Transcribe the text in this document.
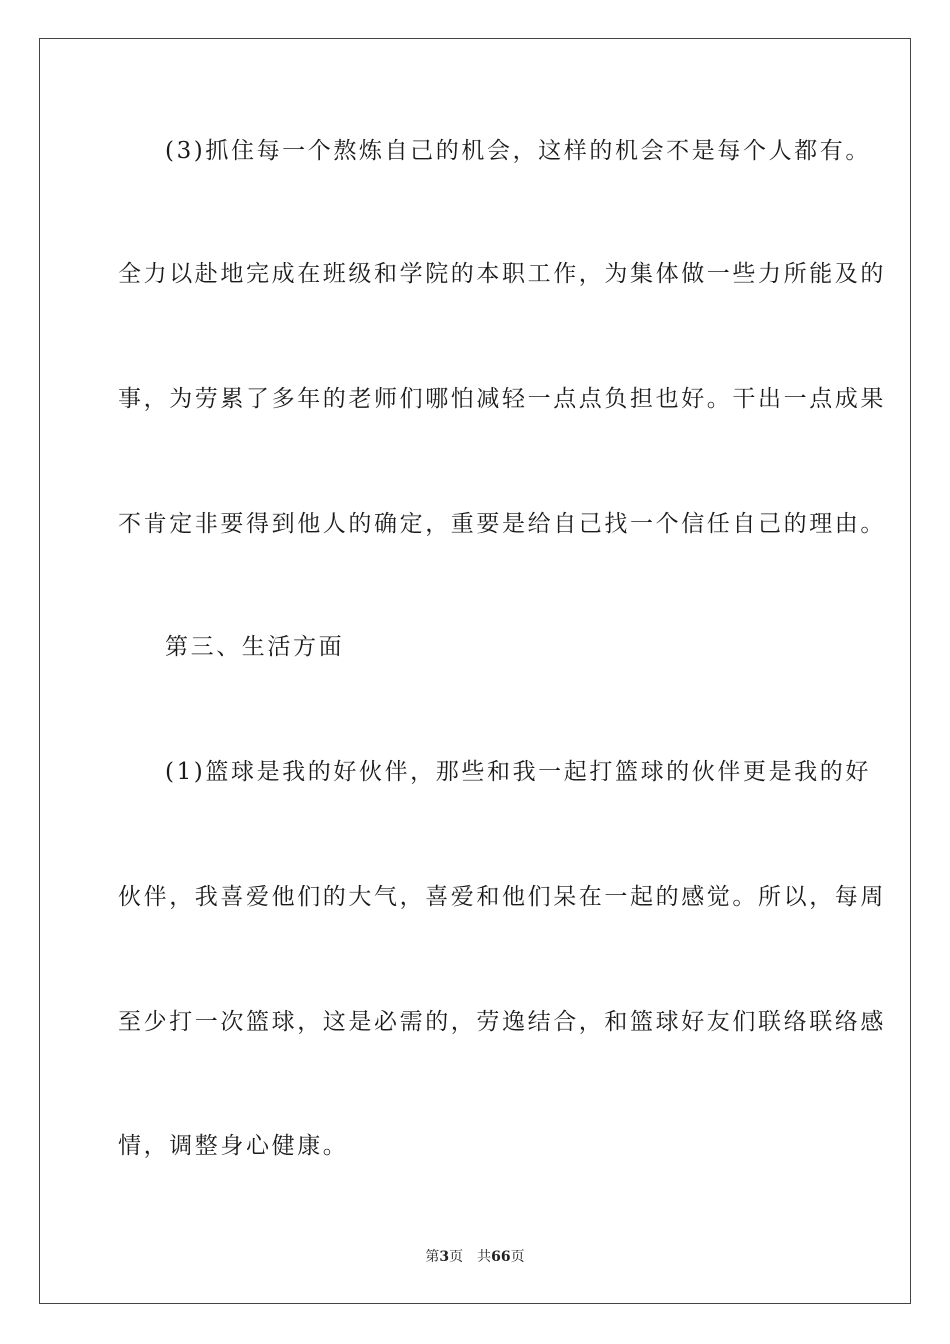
(3)抓住每一个熬炼自己的机会，这样的机会不是每个人都有。
全力以赴地完成在班级和学院的本职工作，为集体做一些力所能及的
事，为劳累了多年的老师们哪怕减轻一点点负担也好。干出一点成果
不肯定非要得到他人的确定，重要是给自己找一个信任自己的理由。
第三、生活方面
(1)篮球是我的好伙伴，那些和我一起打篮球的伙伴更是我的好
伙伴，我喜爱他们的大气，喜爱和他们呆在一起的感觉。所以，每周
至少打一次篮球，这是必需的，劳逸结合，和篮球好友们联络联络感
情，调整身心健康。
第3页 共66页
